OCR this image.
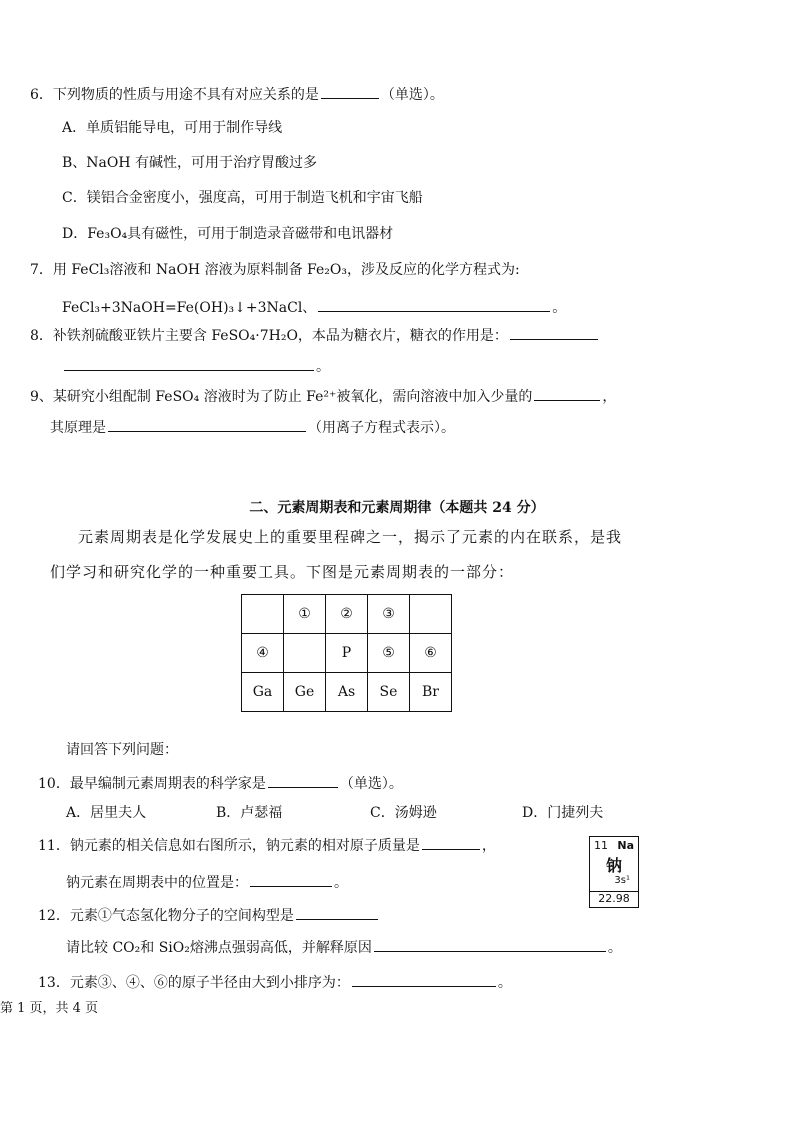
6．下列物质的性质与用途不具有对应关系的是	（单选）。
A．单质铝能导电，可用于制作导线
B、NaOH 有碱性，可用于治疗胃酸过多
C．镁铝合金密度小，强度高，可用于制造飞机和宇宙飞船
D．Fe₃O₄具有磁性，可用于制造录音磁带和电讯器材
7．用 FeCl₃溶液和 NaOH 溶液为原料制备 Fe₂O₃，涉及反应的化学方程式为:
FeCl₃+3NaOH=Fe(OH)₃↓+3NaCl、	。
8．补铁剂硫酸亚铁片主要含 FeSO₄·7H₂O，本品为糖衣片，糖衣的作用是：
。
9、某研究小组配制 FeSO₄ 溶液时为了防止 Fe²⁺被氧化，需向溶液中加入少量的	，
其原理是	（用离子方程式表示）。
二、元素周期表和元素周期律（本题共 24 分）
元素周期表是化学发展史上的重要里程碑之一，揭示了元素的内在联系，是我
们学习和研究化学的一种重要工具。下图是元素周期表的一部分：
	①	②	③	
④		P	⑤	⑥
Ga	Ge	As	Se	Br
请回答下列问题：
10．最早编制元素周期表的科学家是	（单选）。
A．居里夫人	B．卢瑟福	C．汤姆逊	D．门捷列夫
11．钠元素的相关信息如右图所示，钠元素的相对原子质量是	，
钠元素在周期表中的位置是：	。
11 Na
钠
3s¹
22.98
12．元素①气态氢化物分子的空间构型是
请比较 CO₂和 SiO₂熔沸点强弱高低，并解释原因	。
13．元素③、④、⑥的原子半径由大到小排序为：	。
第 1 页，共 4 页
